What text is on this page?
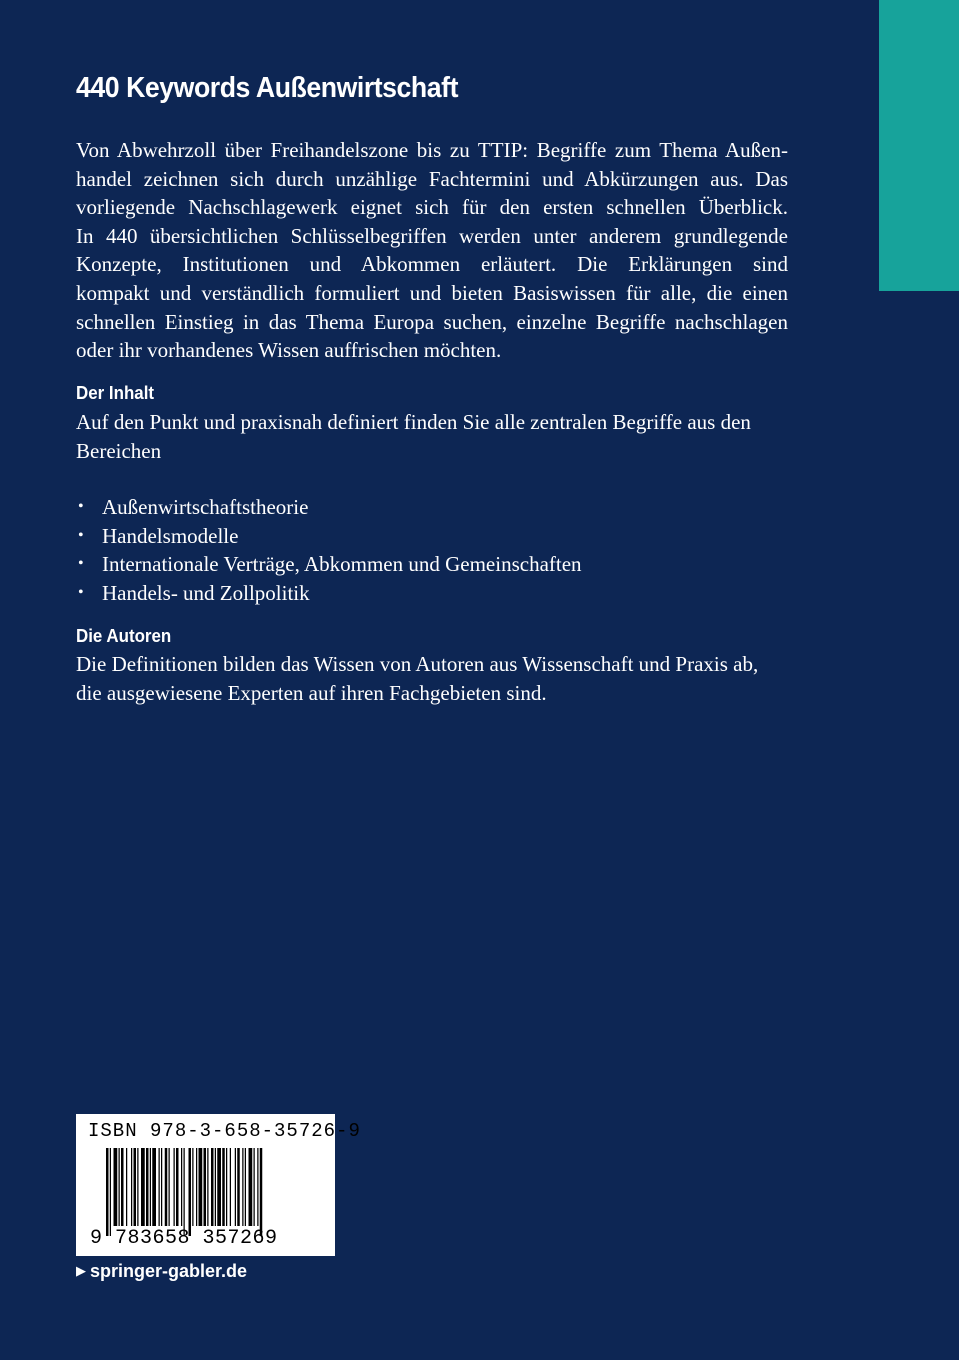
440 Keywords Außenwirtschaft
Von Abwehrzoll über Freihandelszone bis zu TTIP: Begriffe zum Thema Außen-
handel zeichnen sich durch unzählige Fachtermini und Abkürzungen aus. Das
vorliegende Nachschlagewerk eignet sich für den ersten schnellen Überblick.
In 440 übersichtlichen Schlüsselbegriffen werden unter anderem grundlegende
Konzepte, Institutionen und Abkommen erläutert. Die Erklärungen sind
kompakt und verständlich formuliert und bieten Basiswissen für alle, die einen
schnellen Einstieg in das Thema Europa suchen, einzelne Begriffe nachschlagen
oder ihr vorhandenes Wissen auffrischen möchten.
Der Inhalt
Auf den Punkt und praxisnah definiert finden Sie alle zentralen Begriffe aus den Bereichen
• Außenwirtschaftstheorie
• Handelsmodelle
• Internationale Verträge, Abkommen und Gemeinschaften
• Handels- und Zollpolitik
Die Autoren
Die Definitionen bilden das Wissen von Autoren aus Wissenschaft und Praxis ab, die ausgewiesene Experten auf ihren Fachgebieten sind.
ISBN 978-3-658-35726-9
9 783658 357269
▶ springer-gabler.de
